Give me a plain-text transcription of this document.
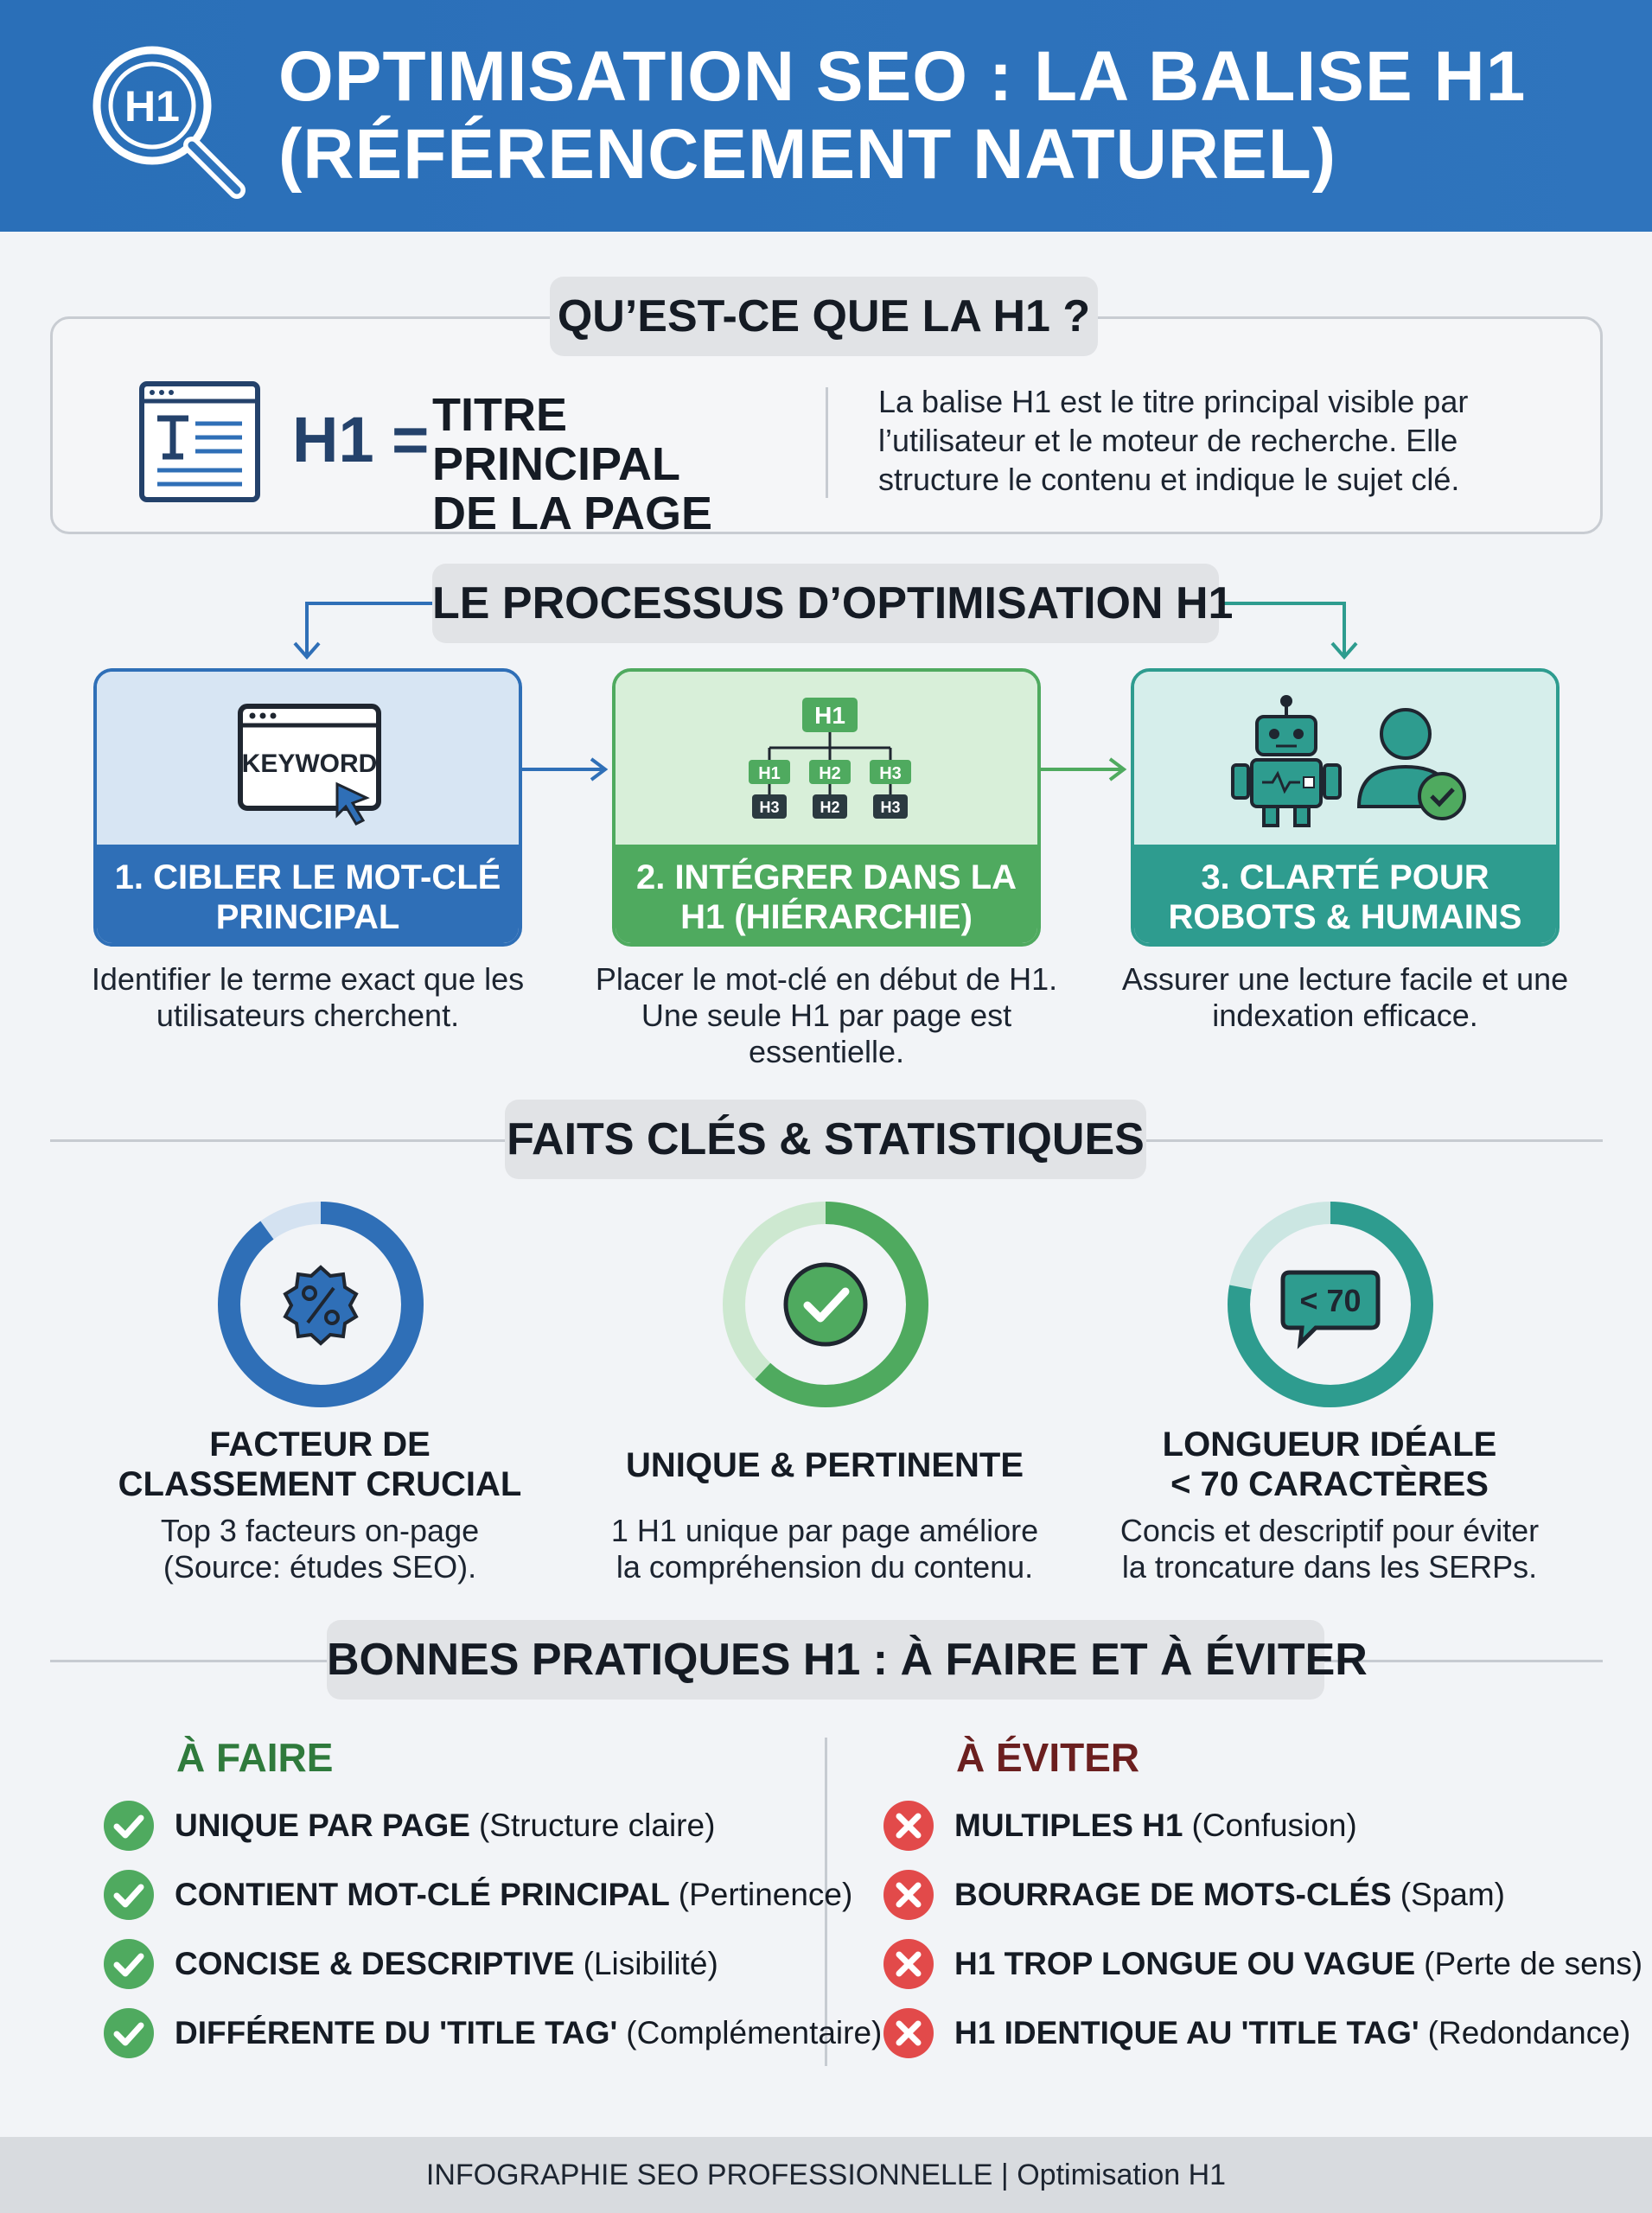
H1 OPTIMISATION SEO : LA BALISE H1
(RÉFÉRENCEMENT NATUREL)
QU’EST-CE QUE LA H1 ?
H1 = TITRE PRINCIPAL
DE LA PAGE
La balise H1 est le titre principal visible par l’utilisateur et le moteur de recherche. Elle structure le contenu et indique le sujet clé.
LE PROCESSUS D’OPTIMISATION H1
KEYWORD
1. CIBLER LE MOT-CLÉ PRINCIPAL
H1
H1 H2 H3
H3	H2	H3
2. INTÉGRER DANS LA H1 (HIÉRARCHIE)
3. CLARTÉ POUR ROBOTS & HUMAINS
Identifier le terme exact que les utilisateurs cherchent.
Placer le mot-clé en début de H1. Une seule H1 par page est essentielle.
Assurer une lecture facile et une indexation efficace.
FAITS CLÉS & STATISTIQUES
< 70
FACTEUR DE
CLASSEMENT CRUCIAL	UNIQUE & PERTINENTE
LONGUEUR IDÉALE
< 70 CARACTÈRES
Top 3 facteurs on-page
(Source: études SEO).
1 H1 unique par page améliore
la compréhension du contenu.
Concis et descriptif pour éviter
la troncature dans les SERPs.
BONNES PRATIQUES H1 : À FAIRE ET À ÉVITER
À FAIRE	À ÉVITER
UNIQUE PAR PAGE (Structure claire)
CONTIENT MOT-CLÉ PRINCIPAL (Pertinence)
CONCISE & DESCRIPTIVE (Lisibilité)
DIFFÉRENTE DU 'TITLE TAG' (Complémentaire)
MULTIPLES H1 (Confusion)
BOURRAGE DE MOTS-CLÉS (Spam)
H1 TROP LONGUE OU VAGUE (Perte de sens)
H1 IDENTIQUE AU 'TITLE TAG' (Redondance)
INFOGRAPHIE SEO PROFESSIONNELLE | Optimisation H1
